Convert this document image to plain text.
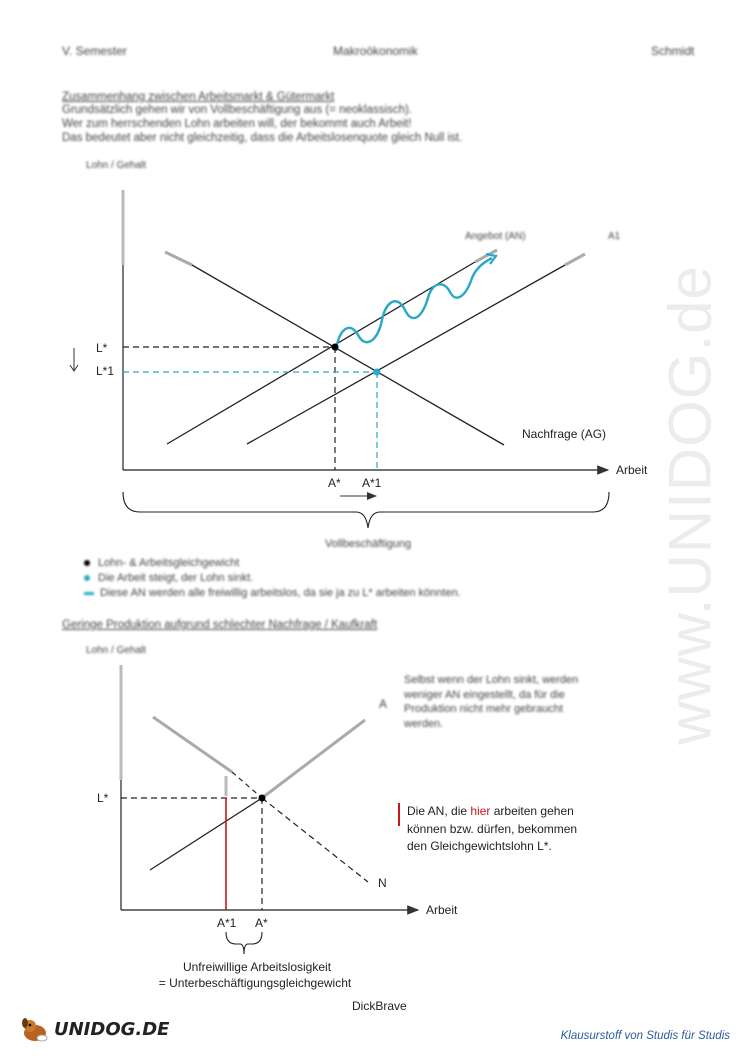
www.UNIDOG.de
V. Semester	Makroökonomik	Schmidt
Zusammenhang zwischen Arbeitsmarkt & Gütermarkt
Grundsätzlich gehen wir von Vollbeschäftigung aus (= neoklassisch).
Wer zum herrschenden Lohn arbeiten will, der bekommt auch Arbeit!
Das bedeutet aber nicht gleichzeitig, dass die Arbeitslosenquote gleich Null ist.
Lohn / Gehalt
L*
L*1
Arbeit
A* A*1
Angebot (AN)	A1
Nachfrage (AG)
Vollbeschäftigung
Lohn- & Arbeitsgleichgewicht
Die Arbeit steigt, der Lohn sinkt.
Diese AN werden alle freiwillig arbeitslos, da sie ja zu L* arbeiten könnten.
Geringe Produktion aufgrund schlechter Nachfrage / Kaufkraft
Lohn / Gehalt
L*
Arbeit
A*1 A*
A
N
Selbst wenn der Lohn sinkt, werden weniger AN eingestellt, da für die Produktion nicht mehr gebraucht werden.
Die AN, die hier arbeiten gehen können bzw. dürfen, bekommen den Gleichgewichtslohn L*.
Unfreiwillige Arbeitslosigkeit
= Unterbeschäftigungsgleichgewicht
DickBrave
UNIDOG.DE	Klausurstoff von Studis für Studis
